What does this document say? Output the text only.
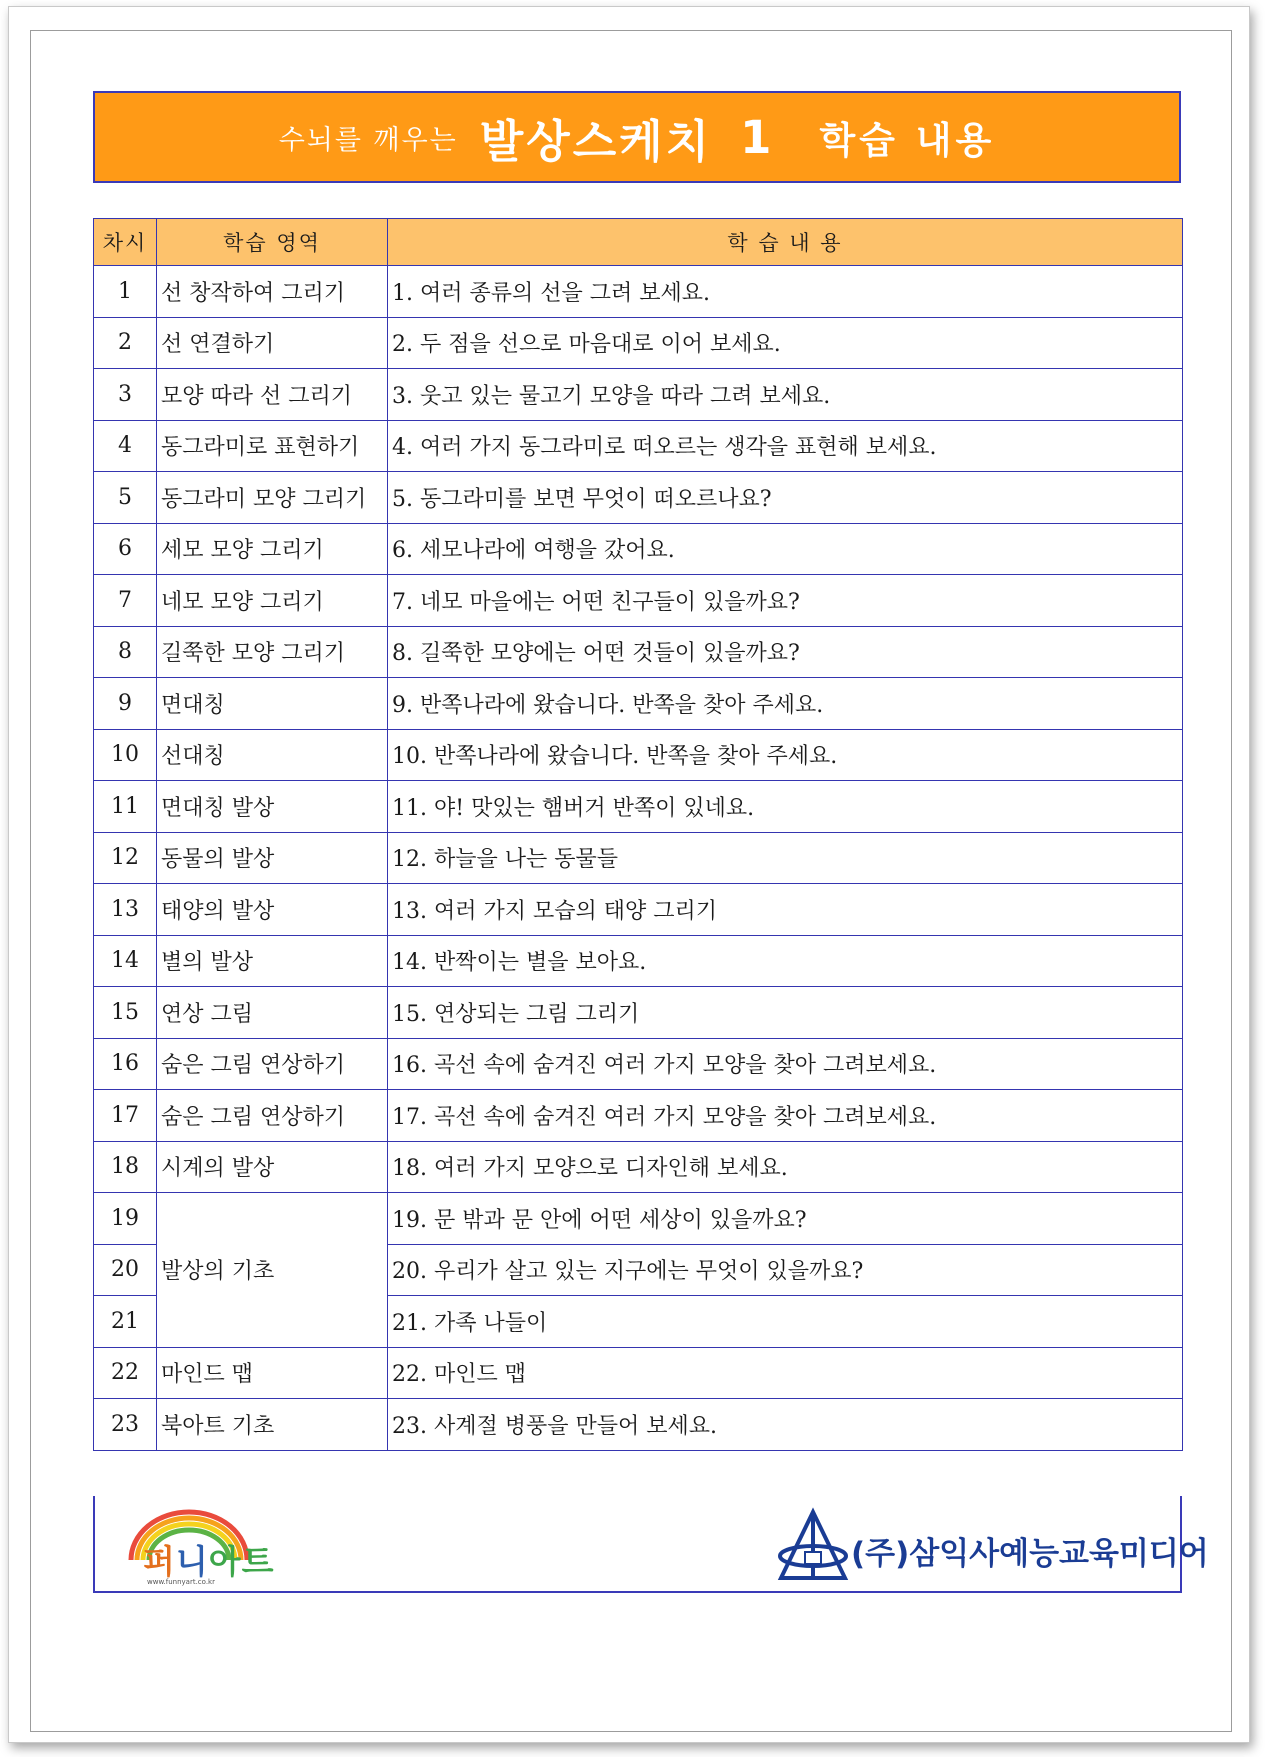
수뇌를 깨우는 발상스케치 1 학습 내용
차시	학습 영역	학 습 내 용
1	선 창작하여 그리기	1. 여러 종류의 선을 그려 보세요.
2	선 연결하기	2. 두 점을 선으로 마음대로 이어 보세요.
3	모양 따라 선 그리기	3. 웃고 있는 물고기 모양을 따라 그려 보세요.
4	동그라미로 표현하기	4. 여러 가지 동그라미로 떠오르는 생각을 표현해 보세요.
5	동그라미 모양 그리기	5. 동그라미를 보면 무엇이 떠오르나요?
6	세모 모양 그리기	6. 세모나라에 여행을 갔어요.
7	네모 모양 그리기	7. 네모 마을에는 어떤 친구들이 있을까요?
8	길쭉한 모양 그리기	8. 길쭉한 모양에는 어떤 것들이 있을까요?
9	면대칭	9. 반쪽나라에 왔습니다. 반쪽을 찾아 주세요.
10	선대칭	10. 반쪽나라에 왔습니다. 반쪽을 찾아 주세요.
11	면대칭 발상	11. 야! 맛있는 햄버거 반쪽이 있네요.
12	동물의 발상	12. 하늘을 나는 동물들
13	태양의 발상	13. 여러 가지 모습의 태양 그리기
14	별의 발상	14. 반짝이는 별을 보아요.
15	연상 그림	15. 연상되는 그림 그리기
16	숨은 그림 연상하기	16. 곡선 속에 숨겨진 여러 가지 모양을 찾아 그려보세요.
17	숨은 그림 연상하기	17. 곡선 속에 숨겨진 여러 가지 모양을 찾아 그려보세요.
18	시계의 발상	18. 여러 가지 모양으로 디자인해 보세요.
19	발상의 기초	19. 문 밖과 문 안에 어떤 세상이 있을까요?
20		20. 우리가 살고 있는 지구에는 무엇이 있을까요?
21		21. 가족 나들이
22	마인드 맵	22. 마인드 맵
23	북아트 기초	23. 사계절 병풍을 만들어 보세요.
퍼니아트
www.funnyart.co.kr
(주)삼익사예능교육미디어
